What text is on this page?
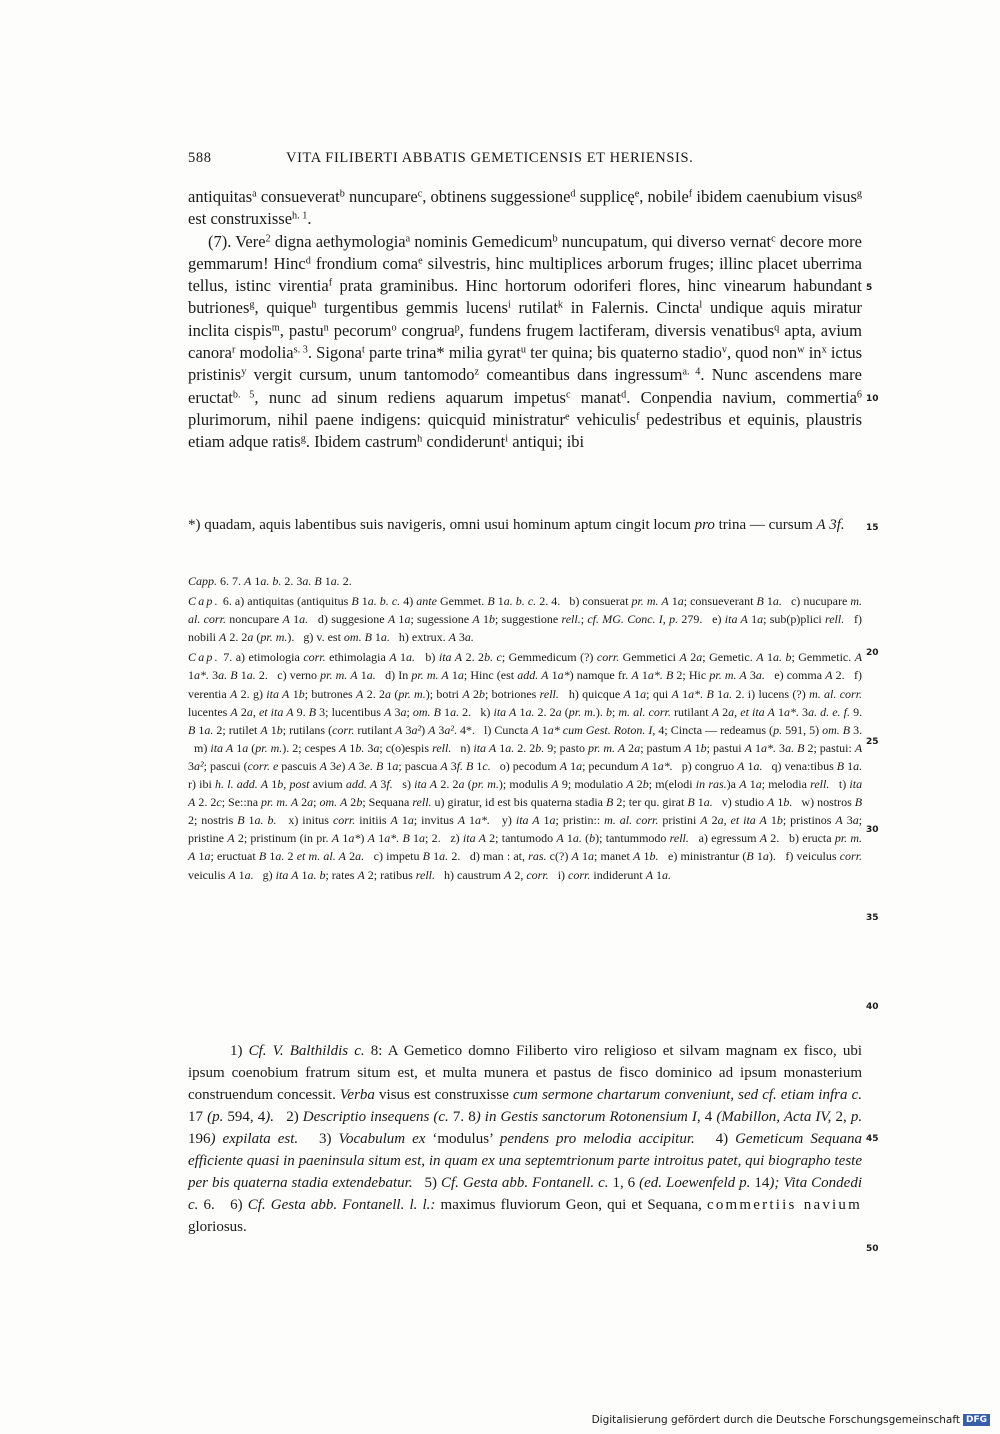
588	VITA FILIBERTI ABBATIS GEMETICENSIS ET HERIENSIS.

antiquitas$^a$ consueverat$^b$ nuncupare$^c$, obtinens suggessione$^d$ supplicę$^e$, nobile$^f$ ibidem caenubium visus$^g$ est construxisse$^{h. 1}$.

(7). Vere$^2$ digna aethymologia$^a$ nominis Gemedicum$^b$ nuncupatum, qui diverso vernat$^c$ decore more gemmarum! Hinc$^d$ frondium coma$^e$ silvestris, hinc multiplices arborum fruges; illinc placet uberrima tellus, istinc virentia$^f$ prata graminibus. Hinc hortorum odoriferi flores, hinc vinearum habundant butriones$^g$, quique$^h$ turgentibus gemmis lucens$^i$ rutilat$^k$ in Falernis. Cincta$^l$ undique aquis miratur inclita cispis$^m$, pastu$^n$ pecorum$^o$ congrua$^p$, fundens frugem lactiferam, diversis venatibus$^q$ apta, avium canora$^r$ modolia$^{s. 3}$. Sigona$^t$ parte trina* milia gyrat$^u$ ter quina; bis quaterno stadio$^v$, quod non$^w$ $in^x$ ictus pristinis$^y$ vergit cursum, unum tantomodo$^z$ comeantibus dans ingressum$^{a. 4}$. Nunc ascendens mare eructat$^{b. 5}$, nunc ad sinum rediens aquarum impetus$^c$ manat$^d$. Conpendia navium, commertia$^6$ plurimorum, nihil paene indigens: quicquid ministratur$^e$ vehiculis$^f$ pedestribus et equinis, plaustris etiam adque ratis$^g$. Ibidem castrum$^h$ condiderunt$^i$ antiqui; ibi

*) quadam, aquis labentibus suis navigeris, omni usui hominum aptum cingit locum pro trina — cursum A 3f.

Capp. 6. 7. A 1a. b. 2. 3a. B 1a. 2.

Cap. 6. a) antiquitas (antiquitus B 1a. b. c. 4) ante Gemmet. B 1a. b. c. 2. 4.   b) consuerat pr. m. A 1a; consueverant B 1a.   c) nucupare m. al. corr. noncupare A 1a.   d) suggesione A 1a; sugessione A 1b; suggestione rell.; cf. MG. Conc. I, p. 279.   e) ita A 1a; sub(p)plici rell.   f) nobili A 2. 2a (pr. m.).   g) v. est om. B 1a.   h) extrux. A 3a.

Cap. 7. a) etimologia corr. ethimolagia A 1a.   b) ita A 2. 2b. c; Gemmedicum (?) corr. Gemmetici A 2a; Gemetic. A 1a. b; Gemmetic. A 1a*. 3a. B 1a. 2.   c) verno pr. m. A 1a.   d) In pr. m. A 1a; Hinc (est add. A 1a*) namque fr. A 1a*. B 2; Hic pr. m. A 3a.   e) comma A 2.   f) verentia A 2. g) ita A 1b; butrones A 2. 2a (pr. m.); botri A 2b; botriones rell.   h) quicque A 1a; qui A 1a*. B 1a. 2. i) lucens (?) m. al. corr. lucentes A 2a, et ita A 9. B 3; lucentibus A 3a; om. B 1a. 2.   k) ita A 1a. 2. 2a (pr. m.). b; m. al. corr. rutilant A 2a, et ita A 1a*. 3a. d. e. f. 9. B 1a. 2; rutilet A 1b; rutilans (corr. rutilant A 3a²) A 3a². 4*.   l) Cuncta A 1a* cum Gest. Roton. I, 4; Cincta — redeamus (p. 591, 5) om. B 3.   m) ita A 1a (pr. m.). 2; cespes A 1b. 3a; c(o)espis rell.   n) ita A 1a. 2. 2b. 9; pasto pr. m. A 2a; pastum A 1b; pastui A 1a*. 3a. B 2; pastui: A 3a²; pascui (corr. e pascuis A 3e) A 3e. B 1a; pascua A 3f. B 1c.   o) pecodum A 1a; pecundum A 1a*.   p) congruo A 1a.   q) vena:tibus B 1a. r) ibi h. l. add. A 1b, post avium add. A 3f.   s) ita A 2. 2a (pr. m.); modulis A 9; modulatio A 2b; m(elodi in ras.)a A 1a; melodia rell.   t) ita A 2. 2c; Se::na pr. m. A 2a; om. A 2b; Sequana rell. u) giratur, id est bis quaterna stadia B 2; ter qu. girat B 1a.   v) studio A 1b.   w) nostros B 2; nostris B 1a. b.   x) initus corr. initiis A 1a; invitus A 1a*.   y) ita A 1a; pristin:: m. al. corr. pristini A 2a, et ita A 1b; pristinos A 3a; pristine A 2; pristinum (in pr. A 1a*) A 1a*. B 1a; 2.   z) ita A 2; tantumodo A 1a. (b); tantummodo rell.   a) egressum A 2.   b) eructa pr. m. A 1a; eructuat B 1a. 2 et m. al. A 2a.   c) impetu B 1a. 2.   d) man : at, ras. c(?) A 1a; manet A 1b.   e) ministrantur (B 1a).   f) veiculus corr. veiculis A 1a.   g) ita A 1a. b; rates A 2; ratibus rell.   h) caustrum A 2, corr.   i) corr. indiderunt A 1a.

1) Cf. V. Balthildis c. 8: A Gemetico domno Filiberto viro religioso et silvam magnam ex fisco, ubi ipsum coenobium fratrum situm est, et multa munera et pastus de fisco dominico ad ipsum monasterium construendum concessit. Verba visus est construxisse cum sermone chartarum conveniunt, sed cf. etiam infra c. 17 (p. 594, 4).   2) Descriptio insequens (c. 7. 8) in Gestis sanctorum Rotonensium I, 4 (Mabillon, Acta IV, 2, p. 196) expilata est.   3) Vocabulum ex ‘modulus’ pendens pro melodia accipitur.   4) Gemeticum Sequana efficiente quasi in paeninsula situm est, in quam ex una septemtrionum parte introitus patet, qui biographo teste per bis quaterna stadia extendebatur.   5) Cf. Gesta abb. Fontanell. c. 1, 6 (ed. Loewenfeld p. 14); Vita Condedi c. 6.   6) Cf. Gesta abb. Fontanell. l. l.: maximus fluviorum Geon, qui et Sequana, commertiis navium gloriosus.

5
10
15
20
25
30
35
40
45
50
Digitalisierung gefördert durch die Deutsche Forschungsgemeinschaft DFG
